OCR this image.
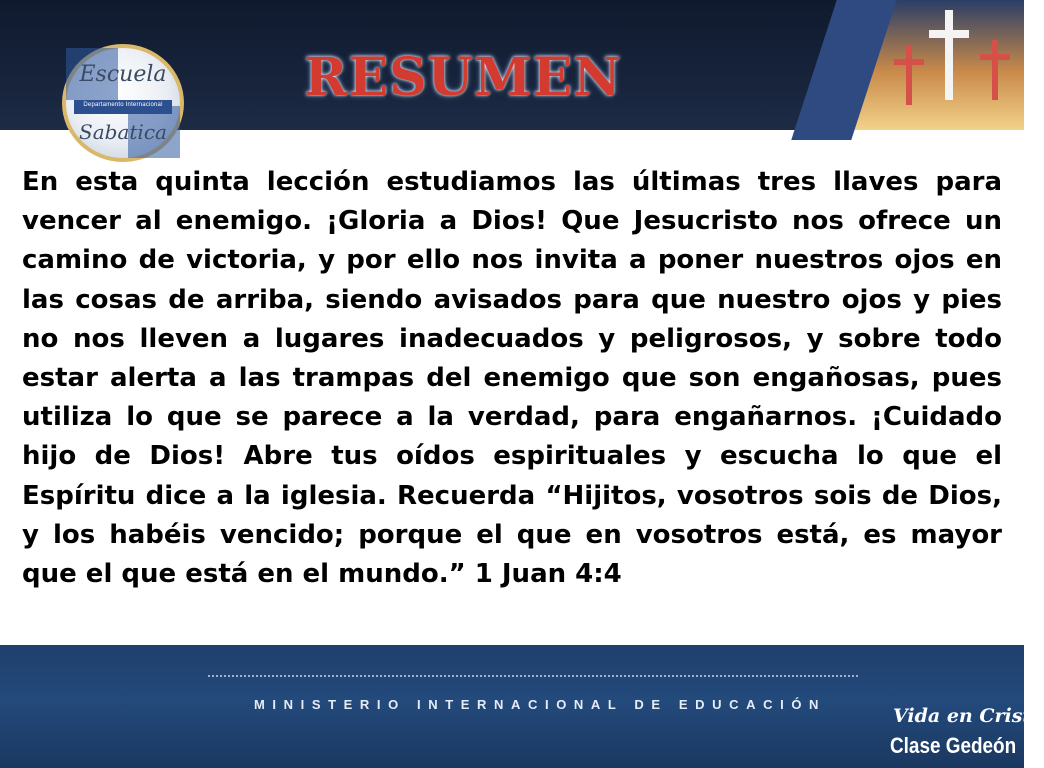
Escuela
Departamento Internacional
Sabatica
RESUMEN
En esta quinta lección estudiamos las últimas tres llaves para vencer al enemigo. ¡Gloria a Dios! Que Jesucristo nos ofrece un camino de victoria, y por ello nos invita a poner nuestros ojos en las cosas de arriba, siendo avisados para que nuestro ojos y pies no nos lleven a lugares inadecuados y peligrosos, y sobre todo estar alerta a las trampas del enemigo que son engañosas, pues utiliza lo que se parece a la verdad, para engañarnos. ¡Cuidado hijo de Dios! Abre tus oídos espirituales y escucha lo que el Espíritu dice a la iglesia. Recuerda “Hijitos, vosotros sois de Dios, y los habéis vencido; porque el que en vosotros está, es mayor que el que está en el mundo.” 1 Juan 4:4
MINISTERIO INTERNACIONAL DE EDUCACIÓN
Vida en Cristo
Clase Gedeón
